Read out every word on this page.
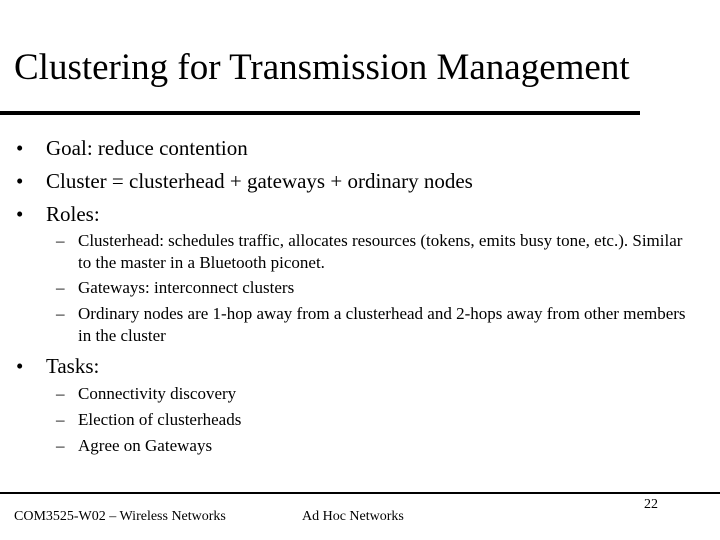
Clustering for Transmission Management
• Goal: reduce contention
• Cluster = clusterhead + gateways + ordinary nodes
• Roles:
– Clusterhead: schedules traffic, allocates resources (tokens, emits busy tone, etc.). Similar to the master in a Bluetooth piconet.
– Gateways: interconnect clusters
– Ordinary nodes are 1-hop away from a clusterhead and 2-hops away from other members in the cluster
• Tasks:
– Connectivity discovery
– Election of clusterheads
– Agree on Gateways
COM3525-W02 – Wireless Networks	Ad Hoc Networks
22
